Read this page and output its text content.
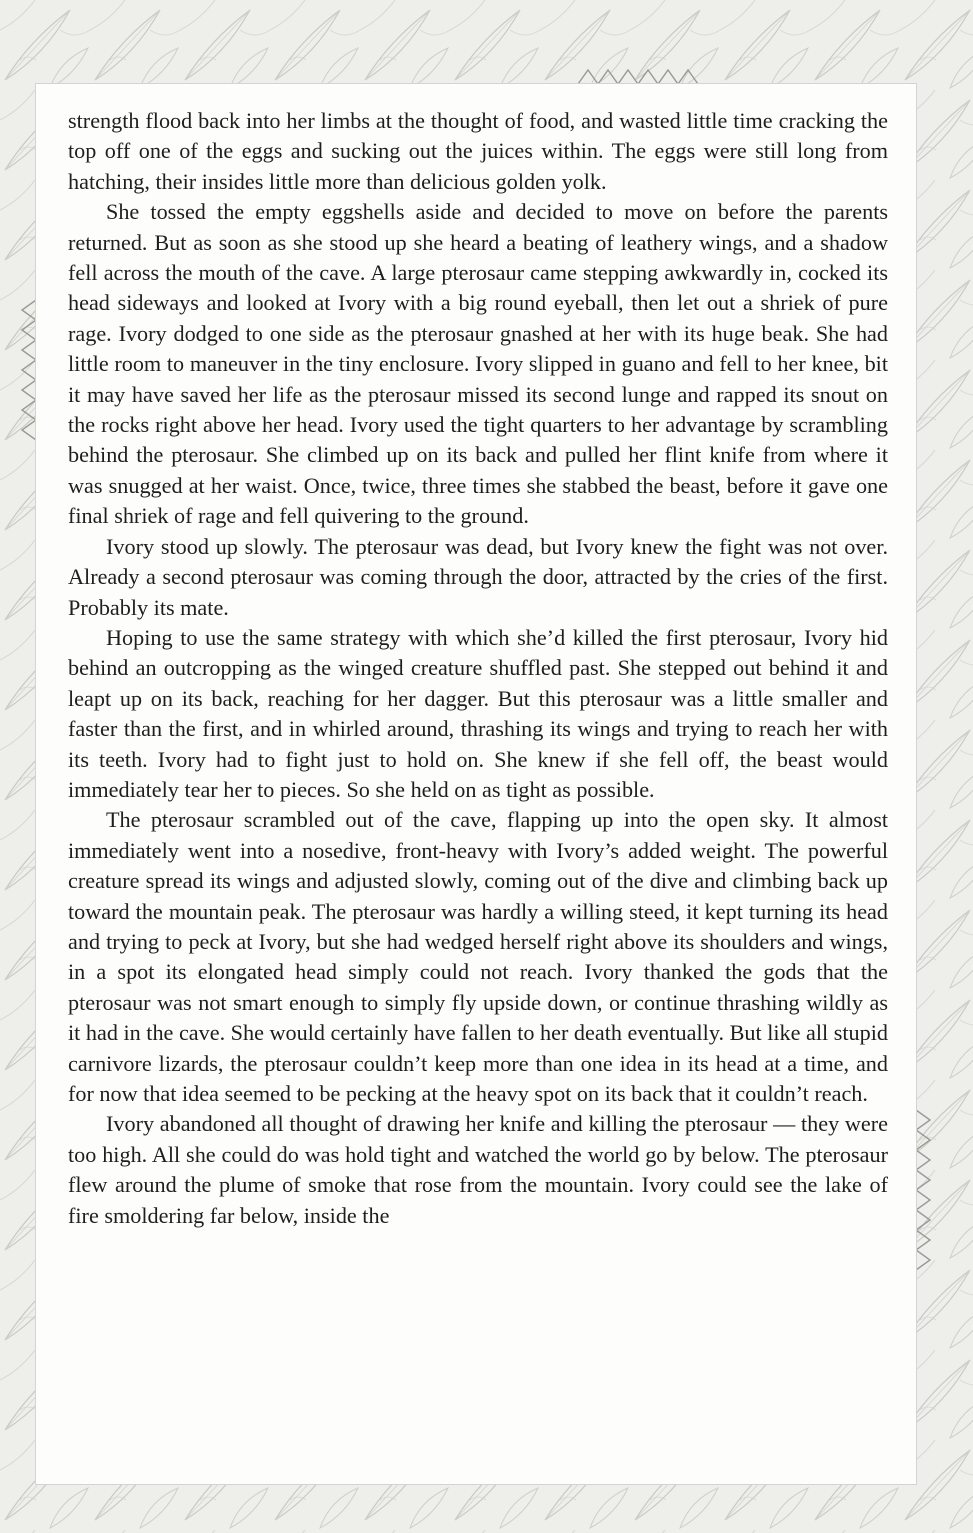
strength flood back into her limbs at the thought of food, and wasted little time cracking the top off one of the eggs and sucking out the juices within. The eggs were still long from hatching, their insides little more than delicious golden yolk.

She tossed the empty eggshells aside and decided to move on before the parents returned. But as soon as she stood up she heard a beating of leathery wings, and a shadow fell across the mouth of the cave. A large pterosaur came stepping awkwardly in, cocked its head sideways and looked at Ivory with a big round eyeball, then let out a shriek of pure rage. Ivory dodged to one side as the pterosaur gnashed at her with its huge beak. She had little room to maneuver in the tiny enclosure. Ivory slipped in guano and fell to her knee, bit it may have saved her life as the pterosaur missed its second lunge and rapped its snout on the rocks right above her head. Ivory used the tight quarters to her advantage by scrambling behind the pterosaur. She climbed up on its back and pulled her flint knife from where it was snugged at her waist. Once, twice, three times she stabbed the beast, before it gave one final shriek of rage and fell quivering to the ground.

Ivory stood up slowly. The pterosaur was dead, but Ivory knew the fight was not over. Already a second pterosaur was coming through the door, attracted by the cries of the first. Probably its mate.

Hoping to use the same strategy with which she’d killed the first pterosaur, Ivory hid behind an outcropping as the winged creature shuffled past. She stepped out behind it and leapt up on its back, reaching for her dagger. But this pterosaur was a little smaller and faster than the first, and in whirled around, thrashing its wings and trying to reach her with its teeth. Ivory had to fight just to hold on. She knew if she fell off, the beast would immediately tear her to pieces. So she held on as tight as possible.

The pterosaur scrambled out of the cave, flapping up into the open sky. It almost immediately went into a nosedive, front-heavy with Ivory’s added weight. The powerful creature spread its wings and adjusted slowly, coming out of the dive and climbing back up toward the mountain peak. The pterosaur was hardly a willing steed, it kept turning its head and trying to peck at Ivory, but she had wedged herself right above its shoulders and wings, in a spot its elongated head simply could not reach. Ivory thanked the gods that the pterosaur was not smart enough to simply fly upside down, or continue thrashing wildly as it had in the cave. She would certainly have fallen to her death eventually. But like all stupid carnivore lizards, the pterosaur couldn’t keep more than one idea in its head at a time, and for now that idea seemed to be pecking at the heavy spot on its back that it couldn’t reach.

Ivory abandoned all thought of drawing her knife and killing the pterosaur — they were too high. All she could do was hold tight and watched the world go by below. The pterosaur flew around the plume of smoke that rose from the mountain. Ivory could see the lake of fire smoldering far below, inside the
